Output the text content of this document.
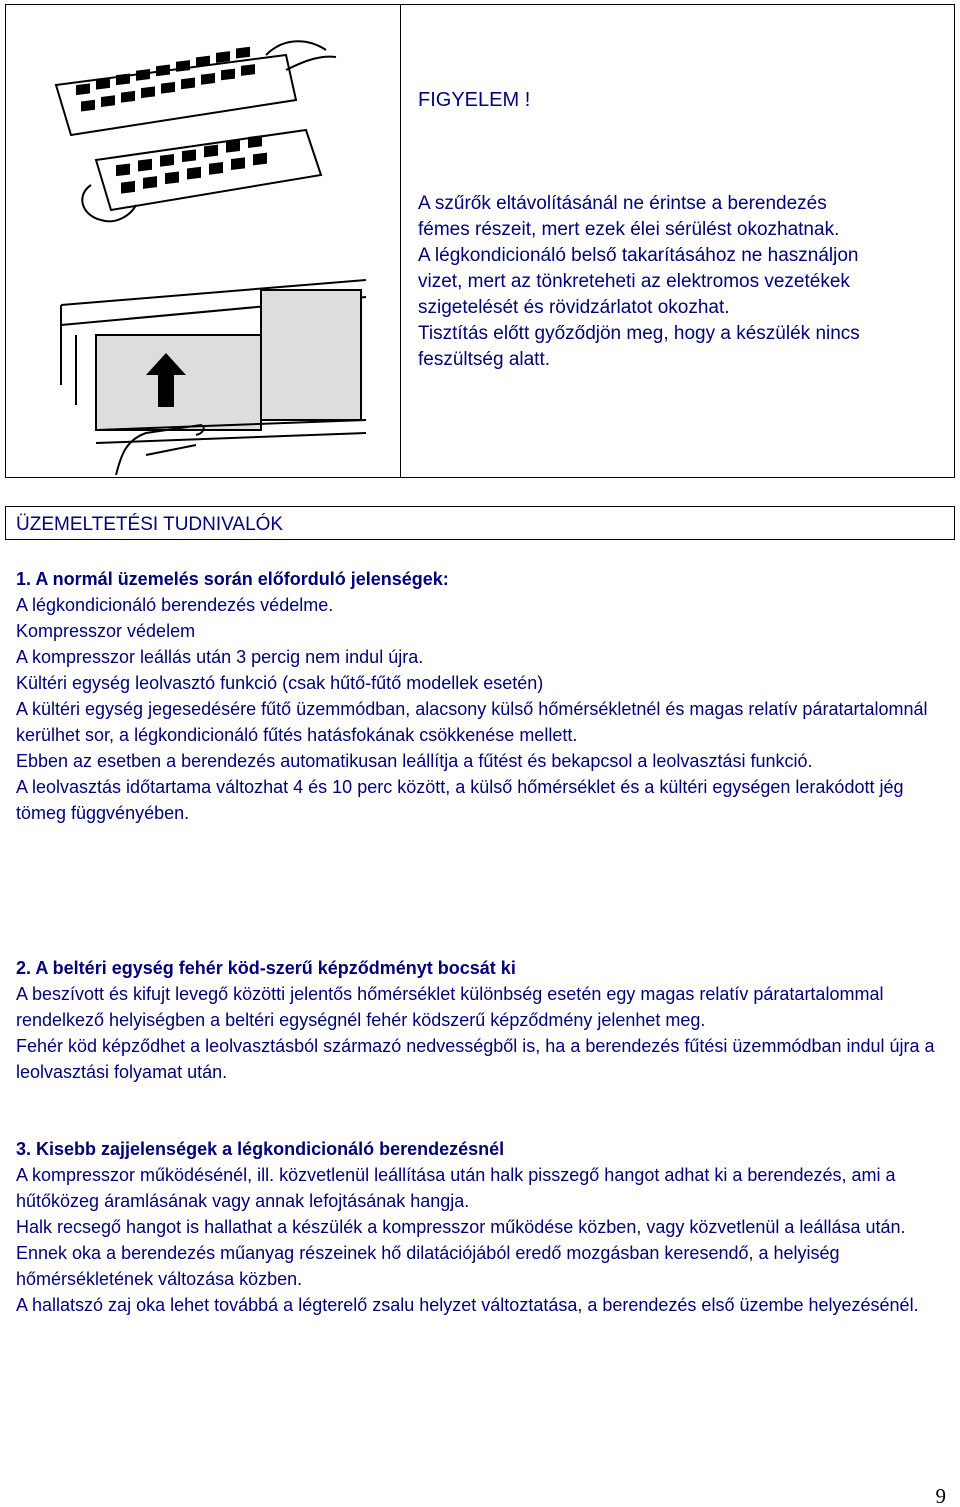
FIGYELEM !
A szűrők eltávolításánál ne érintse a berendezés
fémes részeit, mert ezek élei sérülést okozhatnak.
A légkondicionáló belső takarításához ne használjon
vizet, mert az tönkreteheti az elektromos vezetékek
szigetelését és rövidzárlatot okozhat.
Tisztítás előtt győződjön meg, hogy a készülék nincs
feszültség alatt.
ÜZEMELTETÉSI TUDNIVALÓK
1. A normál üzemelés során előforduló jelenségek:
A légkondicionáló berendezés védelme.
Kompresszor védelem
A kompresszor leállás után 3 percig nem indul újra.
Kültéri egység leolvasztó funkció (csak hűtő-fűtő modellek esetén)
A kültéri egység jegesedésére fűtő üzemmódban, alacsony külső hőmérsékletnél és magas relatív páratartalomnál kerülhet sor, a légkondicionáló fűtés hatásfokának csökkenése mellett.
Ebben az esetben a berendezés automatikusan leállítja a fűtést és bekapcsol a leolvasztási funkció.
A leolvasztás időtartama változhat 4 és 10 perc között, a külső hőmérséklet és a kültéri egységen lerakódott jég tömeg függvényében.
2. A beltéri egység fehér köd-szerű képződményt bocsát ki
A beszívott és kifujt levegő közötti jelentős hőmérséklet különbség esetén egy magas relatív páratartalommal rendelkező helyiségben a beltéri egységnél fehér ködszerű képződmény jelenhet meg.
Fehér köd képződhet a leolvasztásból származó nedvességből is, ha a berendezés fűtési üzemmódban indul újra a leolvasztási folyamat után.
3. Kisebb zajjelenségek a légkondicionáló berendezésnél
A kompresszor működésénél, ill. közvetlenül leállítása után halk pisszegő hangot adhat ki a berendezés, ami a hűtőközeg áramlásának vagy annak lefojtásának hangja.
Halk recsegő hangot is hallathat a készülék a kompresszor működése közben, vagy közvetlenül a leállása után. Ennek oka a berendezés műanyag részeinek hő dilatációjából eredő mozgásban keresendő, a helyiség hőmérsékletének változása közben.
A hallatszó zaj oka lehet továbbá a légterelő zsalu helyzet változtatása, a berendezés első üzembe helyezésénél.
9
